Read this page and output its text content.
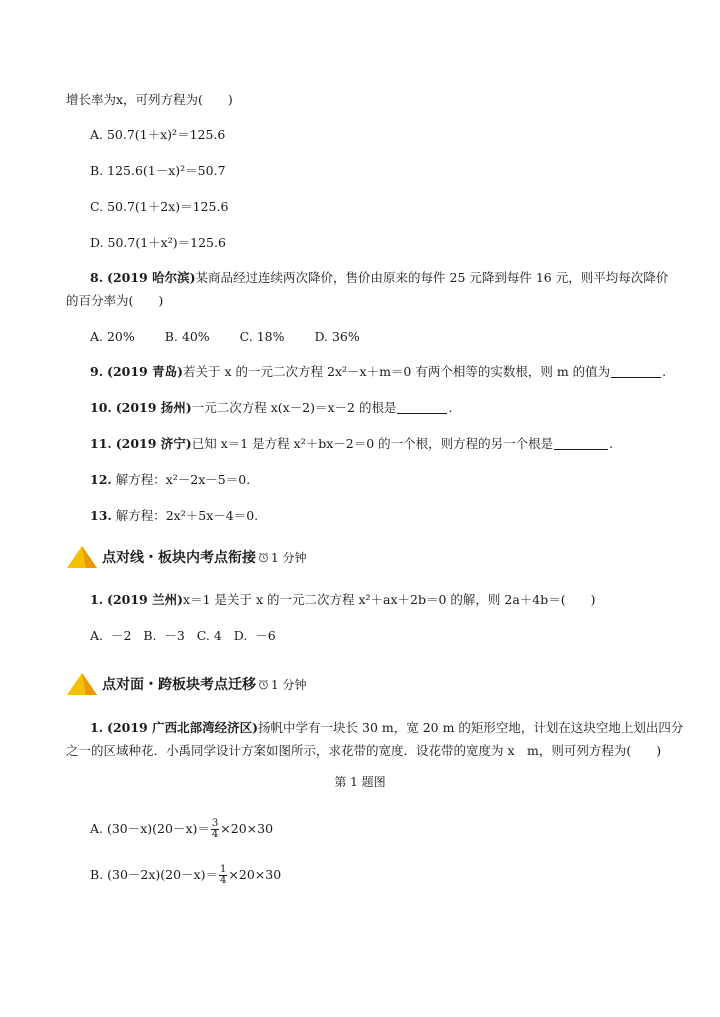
增长率为x，可列方程为(　　)
A. 50.7(1＋x)²＝125.6
B. 125.6(1－x)²＝50.7
C. 50.7(1＋2x)＝125.6
D. 50.7(1＋x²)＝125.6
8. (2019 哈尔滨)某商品经过连续两次降价，售价由原来的每件 25 元降到每件 16 元，则平均每次降价
的百分率为(　　)
A. 20% B. 40% C. 18% D. 36%
9. (2019 青岛)若关于 x 的一元二次方程 2x²－x＋m＝0 有两个相等的实数根，则 m 的值为	.
10. (2019 扬州)一元二次方程 x(x－2)＝x－2 的根是	.
11. (2019 济宁)已知 x＝1 是方程 x²＋bx－2＝0 的一个根，则方程的另一个根是	.
12. 解方程：x²－2x－5＝0.
13. 解方程：2x²＋5x－4＝0.
点对线・板块内考点衔接 1 分钟
1. (2019 兰州)x＝1 是关于 x 的一元二次方程 x²＋ax＋2b＝0 的解，则 2a＋4b＝(　　)
A.  －2   B.  －3   C. 4   D.  －6
点对面・跨板块考点迁移 1 分钟
1. (2019 广西北部湾经济区)扬帆中学有一块长 30 m，宽 20 m 的矩形空地，计划在这块空地上划出四分
之一的区域种花．小禹同学设计方案如图所示，求花带的宽度．设花带的宽度为 x　m，则可列方程为(　　)
第 1 题图
A. $(30-x)(20-x)= \frac{3}{4} \times 20\times 30$
B. $(30-2x)(20-x)= \frac{1}{4} \times 20\times 30$
